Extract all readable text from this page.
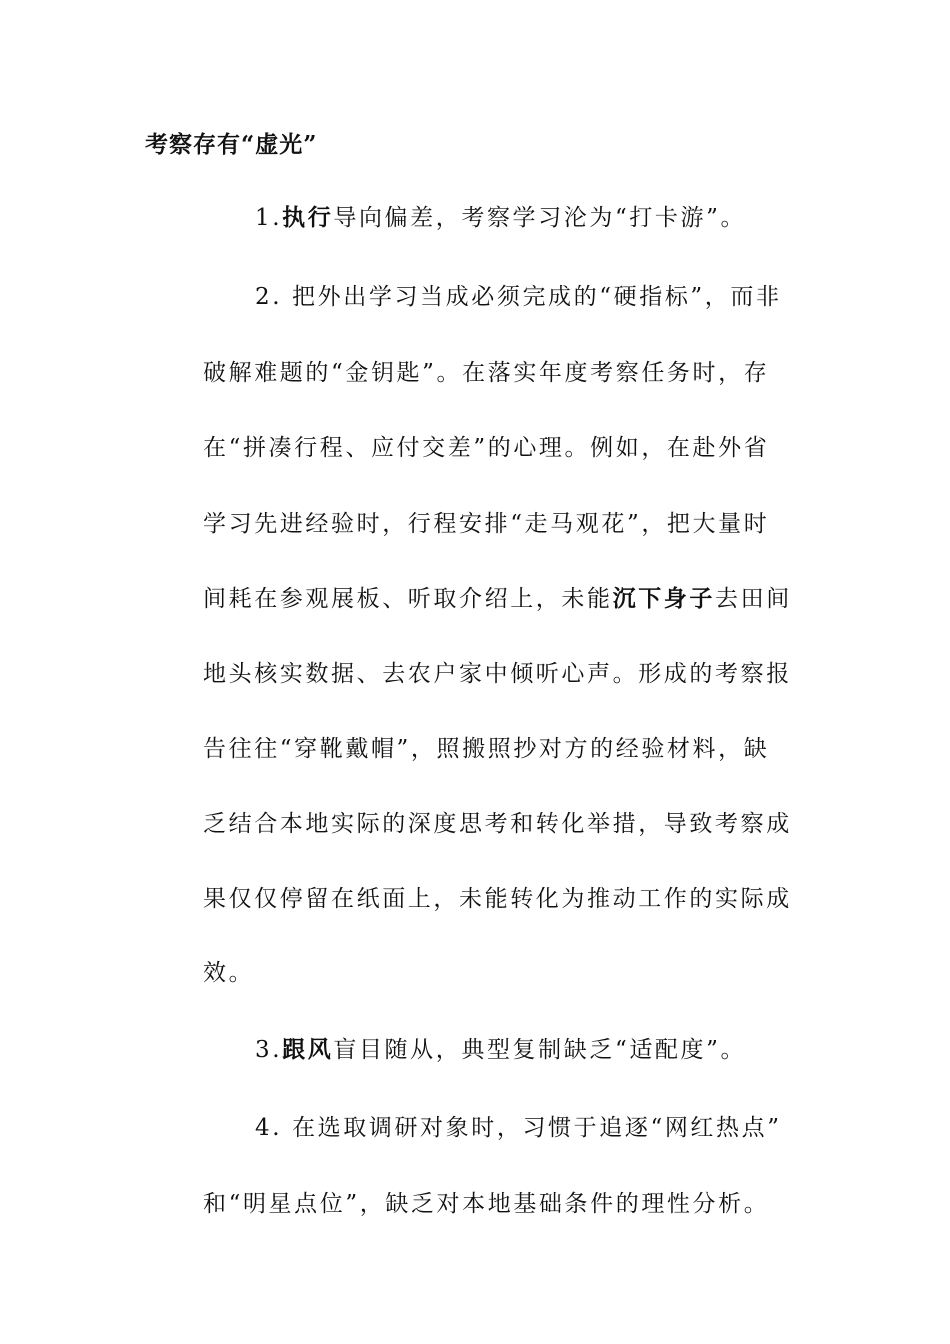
考察存有“虚光”
1.执行导向偏差，考察学习沦为“打卡游”。
2. 把外出学习当成必须完成的“硬指标”，而非
破解难题的“金钥匙”。在落实年度考察任务时，存
在“拼凑行程、应付交差”的心理。例如，在赴外省
学习先进经验时，行程安排“走马观花”，把大量时
间耗在参观展板、听取介绍上，未能沉下身子去田间
地头核实数据、去农户家中倾听心声。形成的考察报
告往往“穿靴戴帽”，照搬照抄对方的经验材料，缺
乏结合本地实际的深度思考和转化举措，导致考察成
果仅仅停留在纸面上，未能转化为推动工作的实际成
效。
3.跟风盲目随从，典型复制缺乏“适配度”。
4. 在选取调研对象时，习惯于追逐“网红热点”
和“明星点位”，缺乏对本地基础条件的理性分析。
